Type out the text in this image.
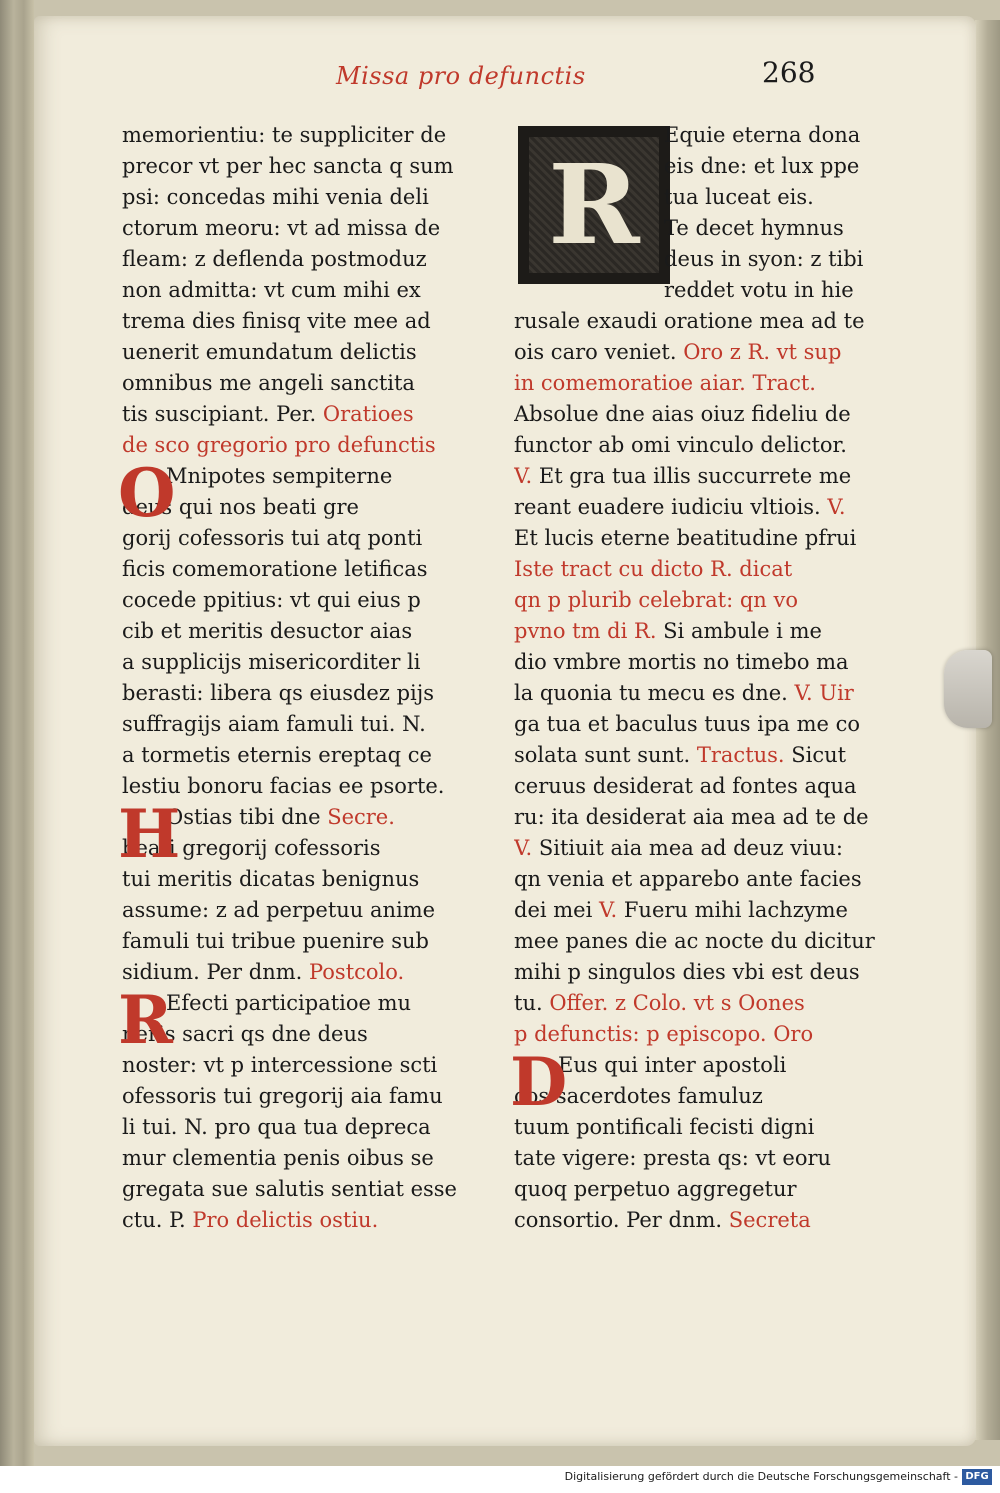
Missa pro defunctis	268
R
memorientiu: te suppliciter de
precor vt per hec sancta q sum
psi: concedas mihi venia deli
ctorum meoru: vt ad missa de
fleam: z deflenda postmoduz
non admitta: vt cum mihi ex
trema dies finisq vite mee ad
uenerit emundatum delictis
omnibus me angeli sanctita
tis suscipiant. Per. Oratioes
de sco gregorio pro defunctis
Mnipotes sempiterne
deus qui nos beati gre
gorij cofessoris tui atq ponti
ficis comemoratione letificas
cocede ppitius: vt qui eius p
cib et meritis desuctor aias
a supplicijs misericorditer li
berasti: libera qs eiusdez pijs
suffragijs aiam famuli tui. N.
a tormetis eternis ereptaq ce
lestiu bonoru facias ee psorte.
Ostias tibi dne Secre.
beati gregorij cofessoris
tui meritis dicatas benignus
assume: z ad perpetuu anime
famuli tui tribue puenire sub
sidium. Per dnm. Postcolo.
Efecti participatioe mu
neris sacri qs dne deus
noster: vt p intercessione scti
ofessoris tui gregorij aia famu
li tui. N. pro qua tua depreca
mur clementia penis oibus se
gregata sue salutis sentiat esse
ctu. P. Pro delictis ostiu.
Equie eterna dona
eis dne: et lux ppe
tua luceat eis.
Te decet hymnus
deus in syon: z tibi
reddet votu in hie
rusale exaudi oratione mea ad te
ois caro veniet. Oro z R. vt sup
in comemoratioe aiar. Tract.
Absolue dne aias oiuz fideliu de
functor ab omi vinculo delictor.
V. Et gra tua illis succurrete me
reant euadere iudiciu vltiois. V.
Et lucis eterne beatitudine pfrui
Iste tract cu dicto R. dicat
qn p plurib celebrat: qn vo
pvno tm di R. Si ambule i me
dio vmbre mortis no timebo ma
la quonia tu mecu es dne. V. Uir
ga tua et baculus tuus ipa me co
solata sunt sunt. Tractus. Sicut
ceruus desiderat ad fontes aqua
ru: ita desiderat aia mea ad te de
V. Sitiuit aia mea ad deuz viuu:
qn venia et apparebo ante facies
dei mei V. Fueru mihi lachzyme
mee panes die ac nocte du dicitur
mihi p singulos dies vbi est deus
tu. Offer. z Colo. vt s Oones
p defunctis: p episcopo. Oro
Eus qui inter apostoli
cos sacerdotes famuluz
tuum pontificali fecisti digni
tate vigere: presta qs: vt eoru
quoq perpetuo aggregetur
consortio. Per dnm. Secreta
Digitalisierung gefördert durch die Deutsche Forschungsgemeinschaft - DFG
O
H
R
D
